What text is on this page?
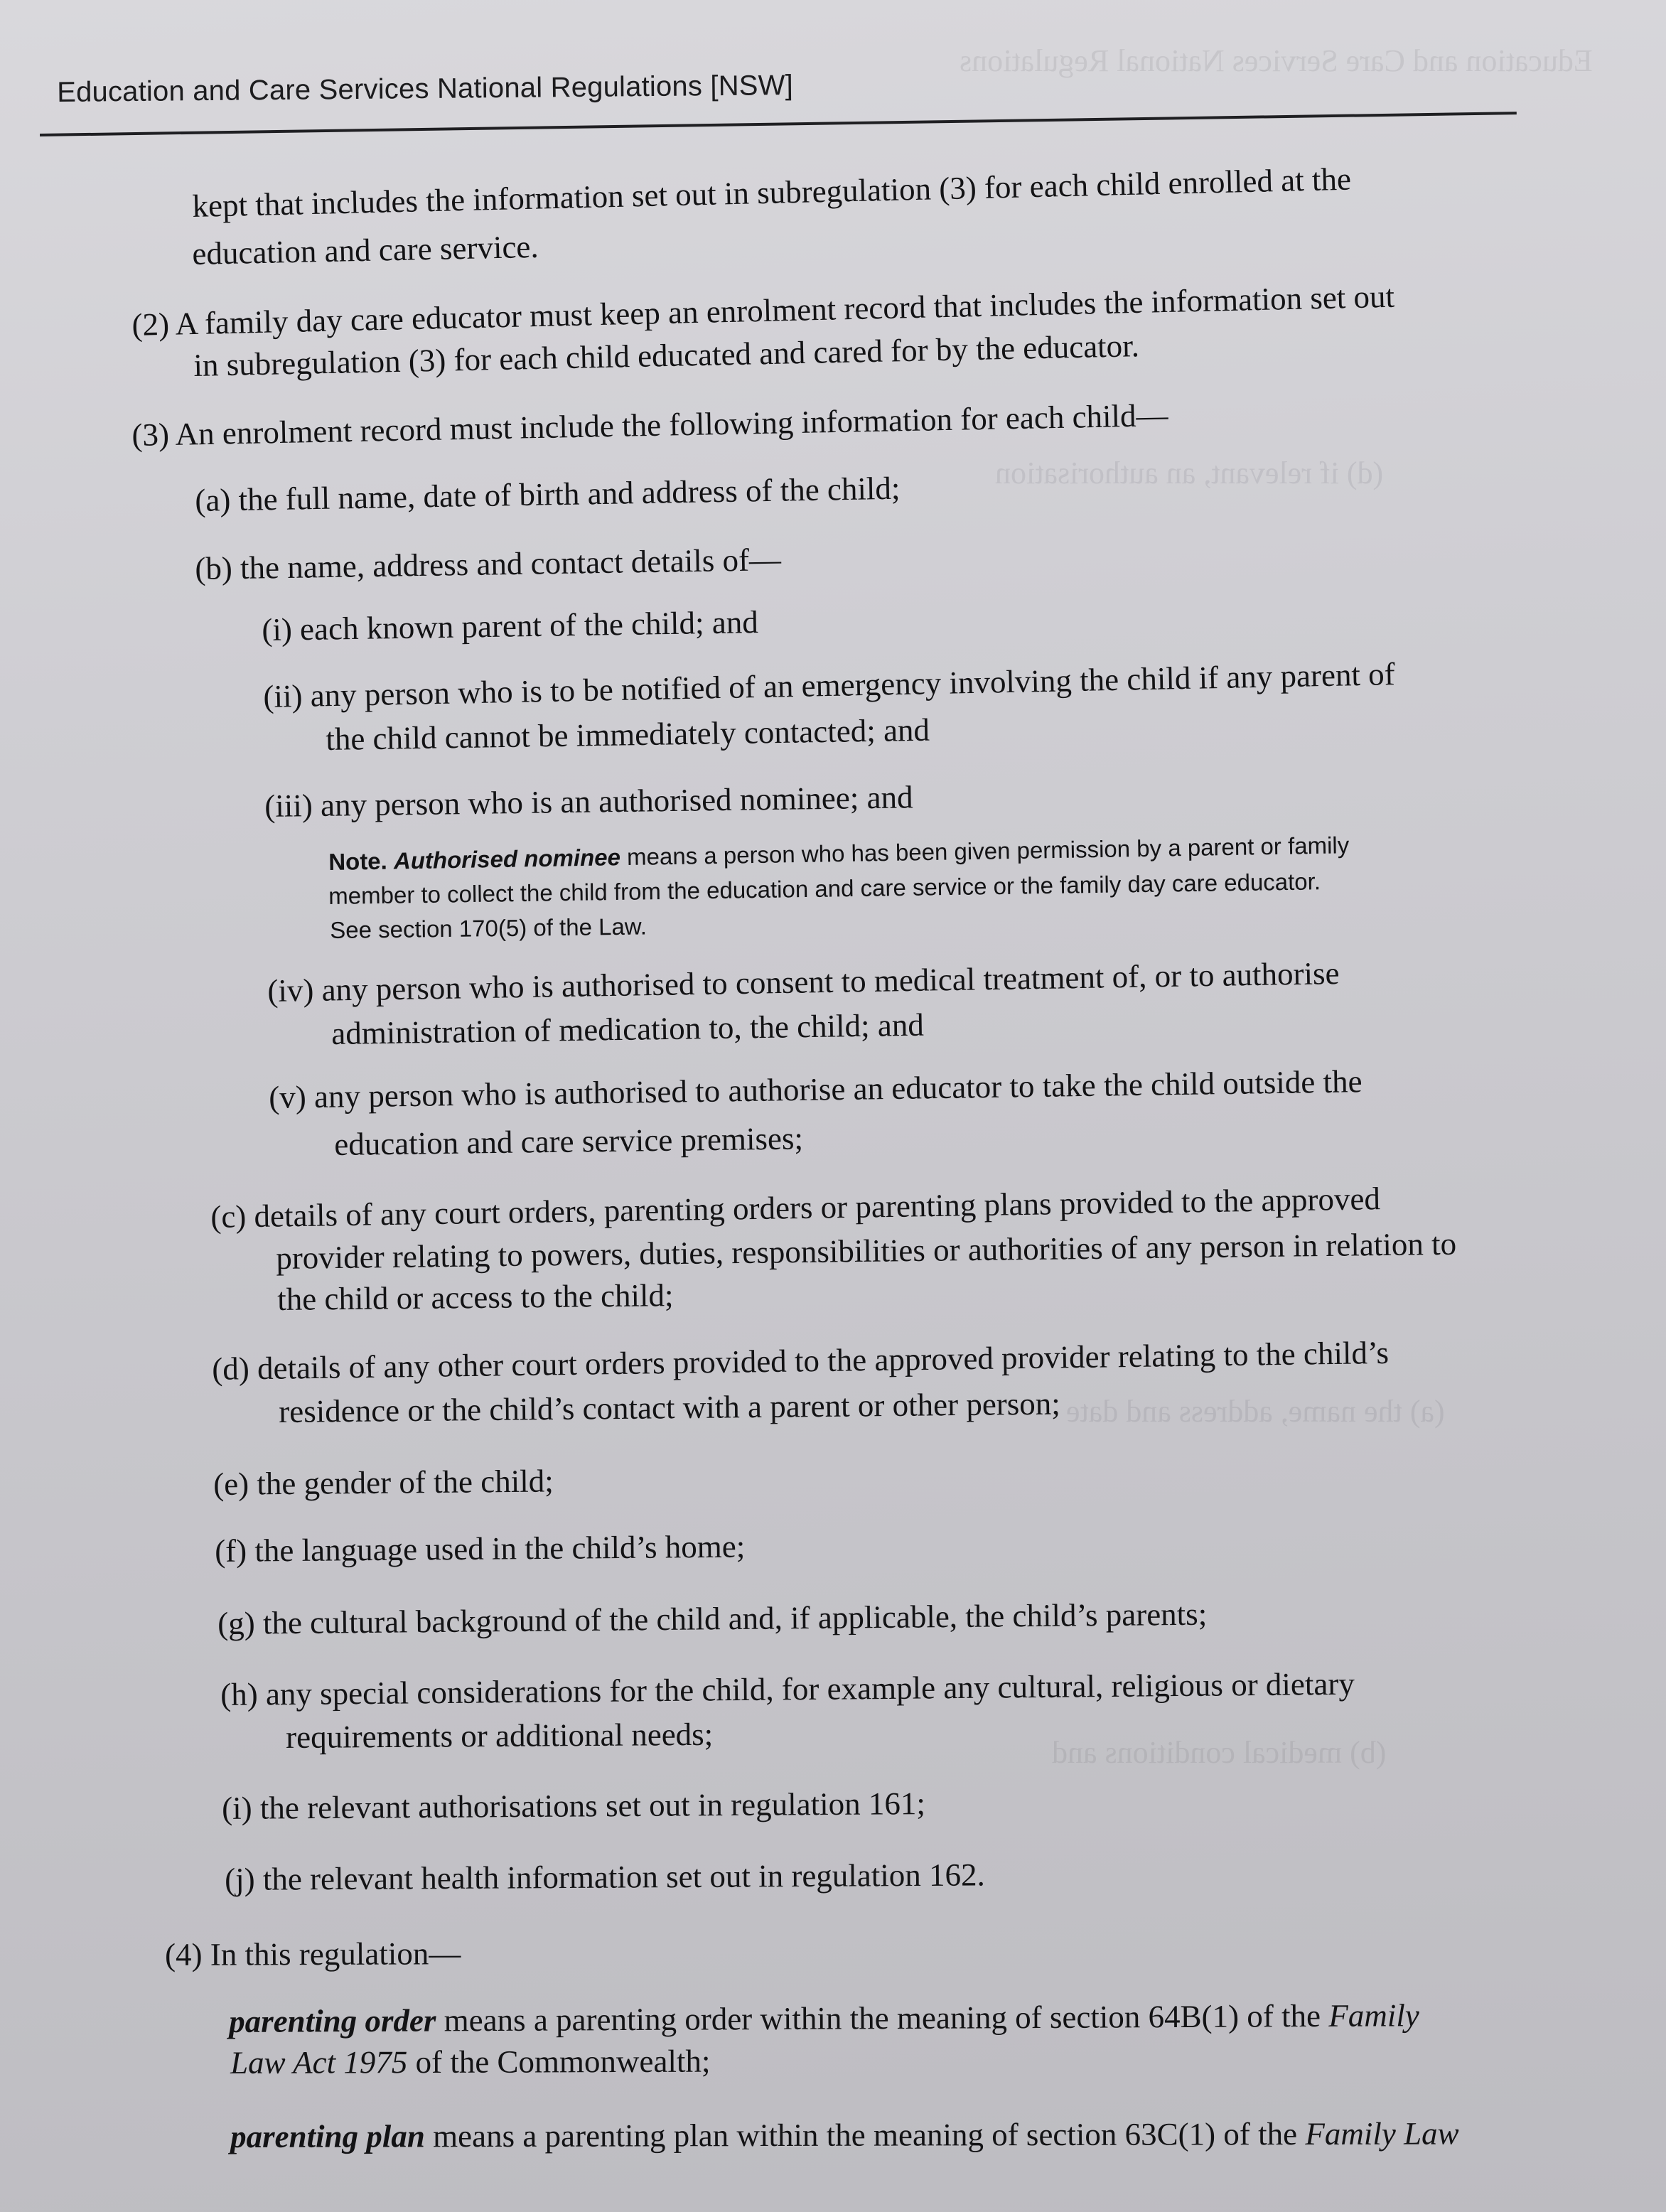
Education and Care Services National Regulations
(d) if relevant, an authorisation
(a) the name, address and date
(b) medical conditions and
Education and Care Services National Regulations [NSW]
kept that includes the information set out in subregulation (3) for each child enrolled at the
education and care service.
(2) A family day care educator must keep an enrolment record that includes the information set out
in subregulation (3) for each child educated and cared for by the educator.
(3) An enrolment record must include the following information for each child—
(a) the full name, date of birth and address of the child;
(b) the name, address and contact details of—
(i) each known parent of the child; and
(ii) any person who is to be notified of an emergency involving the child if any parent of
the child cannot be immediately contacted; and
(iii) any person who is an authorised nominee; and
Note. Authorised nominee means a person who has been given permission by a parent or family
member to collect the child from the education and care service or the family day care educator.
See section 170(5) of the Law.
(iv) any person who is authorised to consent to medical treatment of, or to authorise
administration of medication to, the child; and
(v) any person who is authorised to authorise an educator to take the child outside the
education and care service premises;
(c) details of any court orders, parenting orders or parenting plans provided to the approved
provider relating to powers, duties, responsibilities or authorities of any person in relation to
the child or access to the child;
(d) details of any other court orders provided to the approved provider relating to the child’s
residence or the child’s contact with a parent or other person;
(e) the gender of the child;
(f) the language used in the child’s home;
(g) the cultural background of the child and, if applicable, the child’s parents;
(h) any special considerations for the child, for example any cultural, religious or dietary
requirements or additional needs;
(i) the relevant authorisations set out in regulation 161;
(j) the relevant health information set out in regulation 162.
(4) In this regulation—
parenting order means a parenting order within the meaning of section 64B(1) of the Family
Law Act 1975 of the Commonwealth;
parenting plan means a parenting plan within the meaning of section 63C(1) of the Family Law
